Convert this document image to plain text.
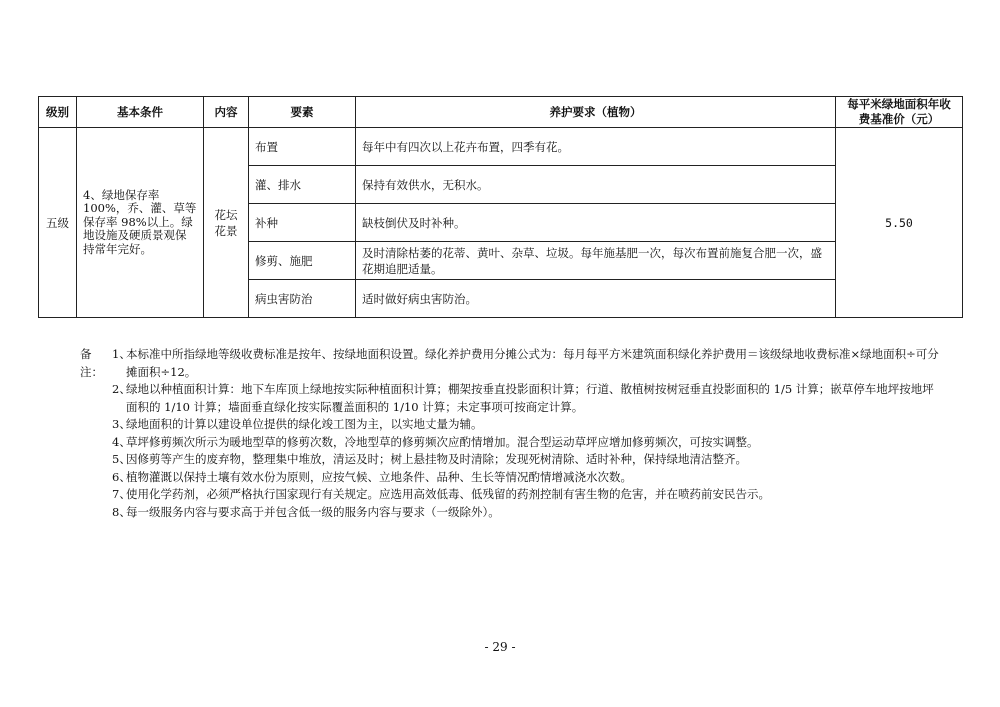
级别	基本条件	内容	要素	养护要求（植物）	每平米绿地面积年收
费基准价（元）

五级	4、绿地保存率 100%，乔、灌、草等保存率 98%以上。绿地设施及硬质景观保持常年完好。	花坛花景	布置	每年中有四次以上花卉布置，四季有花。	5.50
			灌、排水	保持有效供水，无积水。	
			补种	缺枝倒伏及时补种。	
			修剪、施肥	及时清除枯萎的花蒂、黄叶、杂草、垃圾。每年施基肥一次，每次布置前施复合肥一次，盛花期追肥适量。	
			病虫害防治	适时做好病虫害防治。	
备注：
1、
本标准中所指绿地等级收费标准是按年、按绿地面积设置。绿化养护费用分摊公式为：每月每平方米建筑面积绿化养护费用＝该级绿地收费标准×绿地面积÷可分摊面积÷12。
2、
绿地以种植面积计算：地下车库顶上绿地按实际种植面积计算；棚架按垂直投影面积计算；行道、散植树按树冠垂直投影面积的 1/5 计算；嵌草停车地坪按地坪面积的 1/10 计算；墙面垂直绿化按实际覆盖面积的 1/10 计算；未定事项可按商定计算。
3、
绿地面积的计算以建设单位提供的绿化竣工图为主，以实地丈量为辅。
4、
草坪修剪频次所示为暖地型草的修剪次数，冷地型草的修剪频次应酌情增加。混合型运动草坪应增加修剪频次，可按实调整。
5、
因修剪等产生的废弃物，整理集中堆放，清运及时；树上悬挂物及时清除；发现死树清除、适时补种，保持绿地清洁整齐。
6、
植物灌溉以保持土壤有效水份为原则，应按气候、立地条件、品种、生长等情况酌情增减浇水次数。
7、
使用化学药剂，必须严格执行国家现行有关规定。应选用高效低毒、低残留的药剂控制有害生物的危害，并在喷药前安民告示。
8、
每一级服务内容与要求高于并包含低一级的服务内容与要求（一级除外）。
- 29 -
